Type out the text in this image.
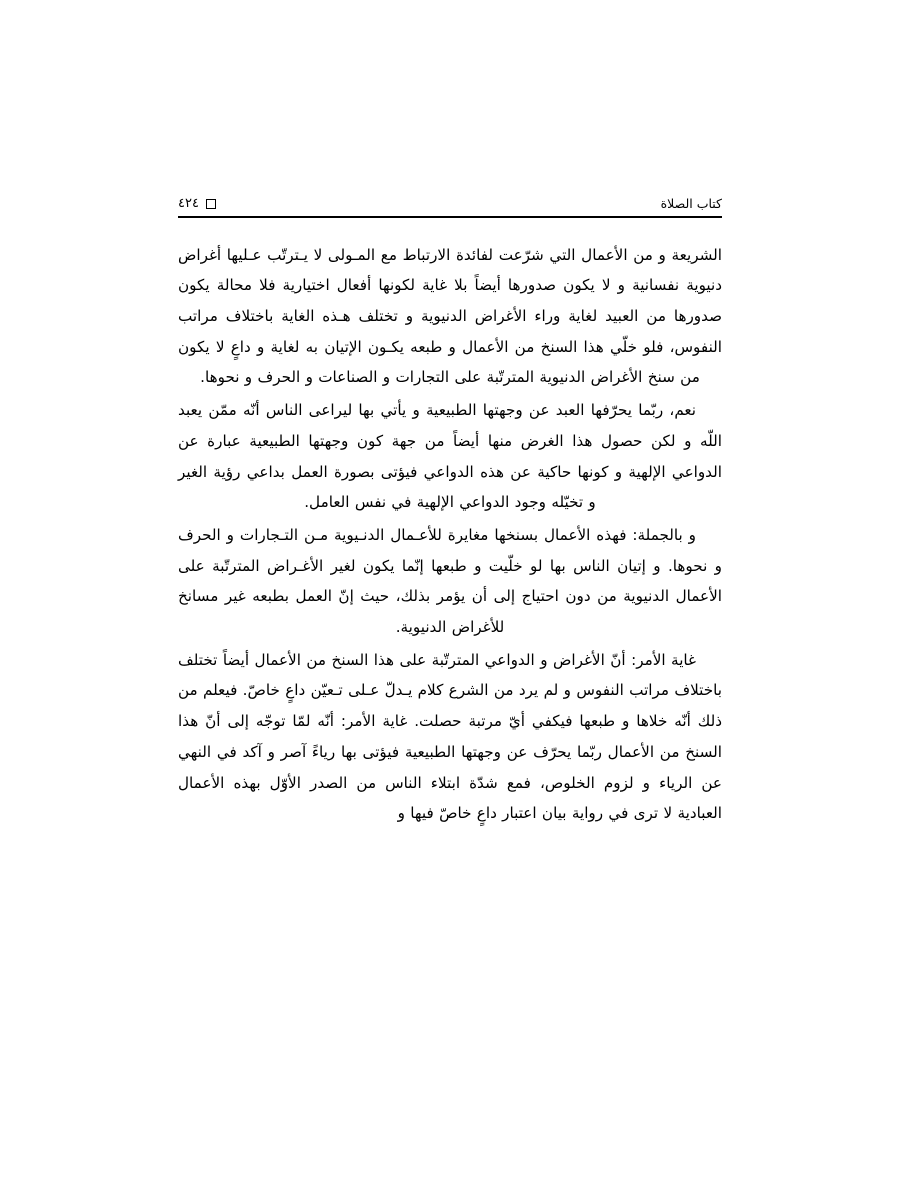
كتاب الصلاة
٤٢٤

الشريعة و من الأعمال التي شرّعت لفائدة الارتباط مع المـولى لا يـترتّب عـليها أغراض دنيوية نفسانية و لا يكون صدورها أيضاً بلا غاية لكونها أفعال اختيارية فلا محالة يكون صدورها من العبيد لغاية وراء الأغراض الدنيوية و تختلف هـذه الغاية باختلاف مراتب النفوس، فلو خلّي هذا السنخ من الأعمال و طبعه يكـون الإتيان به لغاية و داعٍ لا يكون من سنخ الأغراض الدنيوية المترتّبة على التجارات و الصناعات و الحرف و نحوها.

نعم، ربّما يحرّفها العبد عن وجهتها الطبيعية و يأتي بها ليراعى الناس أنّه ممّن يعبد اللّه و لكن حصول هذا الغرض منها أيضاً من جهة كون وجهتها الطبيعية عبارة عن الدواعي الإلهية و كونها حاكية عن هذه الدواعي فيؤتى بصورة العمل بداعي رؤية الغير و تخيّله وجود الدواعي الإلهية في نفس العامل.

و بالجملة: فهذه الأعمال بسنخها مغايرة للأعـمال الدنـيوية مـن التـجارات و الحرف و نحوها. و إتيان الناس بها لو خلّيت و طبعها إنّما يكون لغير الأغـراض المترتّبة على الأعمال الدنيوية من دون احتياج إلى أن يؤمر بذلك، حيث إنّ العمل بطبعه غير مسانخ للأغراض الدنيوية.

غاية الأمر: أنّ الأغراض و الدواعي المترتّبة على هذا السنخ من الأعمال أيضاً تختلف باختلاف مراتب النفوس و لم يرد من الشرع كلام يـدلّ عـلى تـعيّن داعٍ خاصّ. فيعلم من ذلك أنّه خلاها و طبعها فيكفي أيّ مرتبة حصلت. غاية الأمر: أنّه لمّا توجّه إلى أنّ هذا السنخ من الأعمال ربّما يحرّف عن وجهتها الطبيعية فيؤتى بها رياءً آصر و آكد في النهي عن الرياء و لزوم الخلوص، فمع شدّة ابتلاء الناس من الصدر الأوّل بهذه الأعمال العبادية لا ترى في رواية بيان اعتبار داعٍ خاصّ فيها و
